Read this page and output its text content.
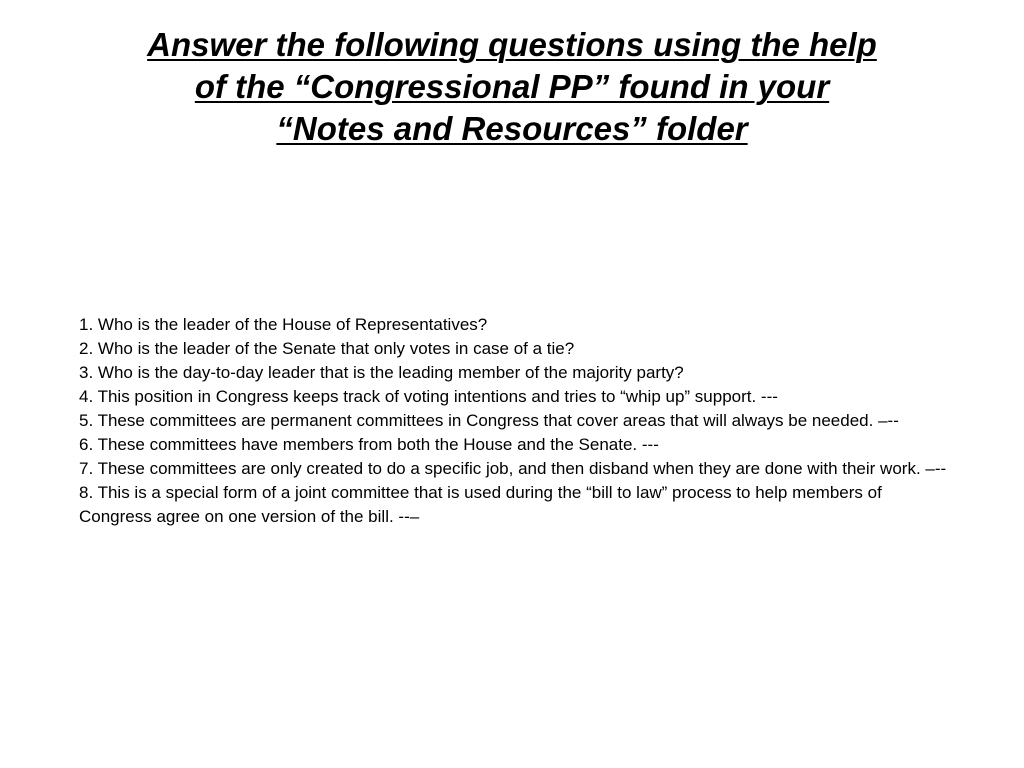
Answer the following questions using the help
of the “Congressional PP” found in your
“Notes and Resources” folder
1. Who is the leader of the House of Representatives?
2. Who is the leader of the Senate that only votes in case of a tie?
3. Who is the day-to-day leader that is the leading member of the majority party?
4. This position in Congress keeps track of voting intentions and tries to “whip up” support. ---
5. These committees are permanent committees in Congress that cover areas that will always be needed. –--
6. These committees have members from both the House and the Senate. ---
7. These committees are only created to do a specific job, and then disband when they are done with their work. –--
8. This is a special form of a joint committee that is used during the “bill to law” process to help members of Congress agree on one version of the bill. --–
